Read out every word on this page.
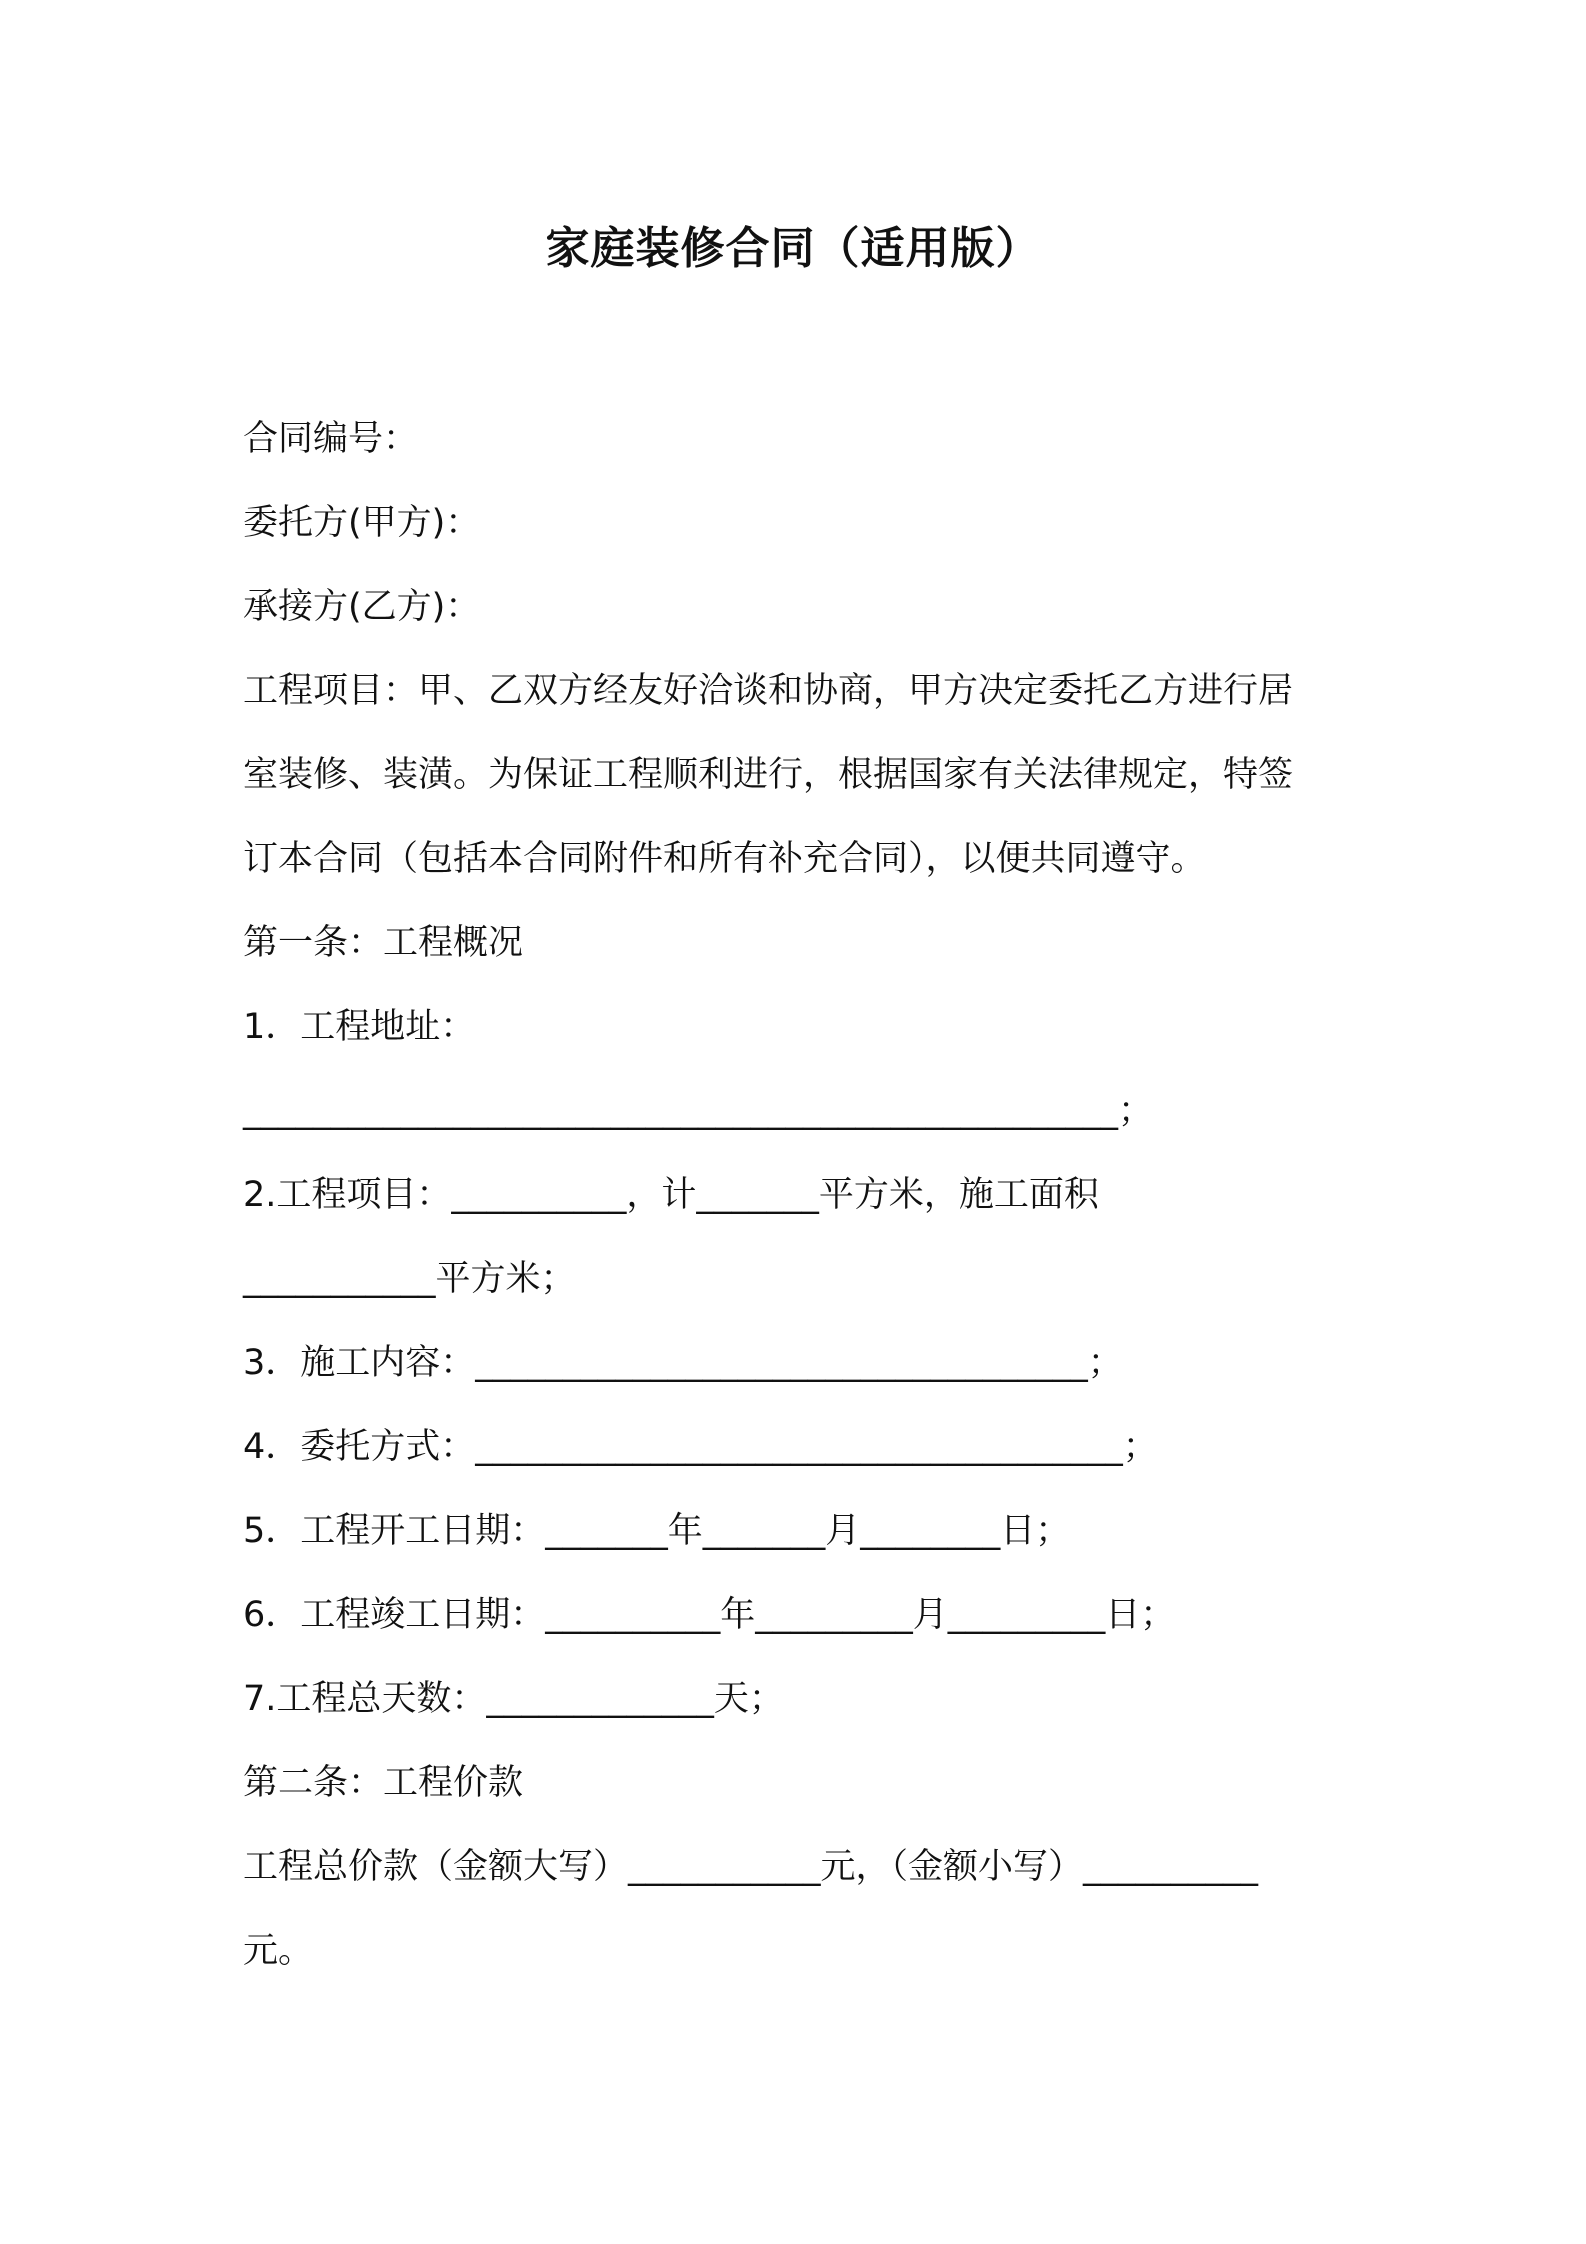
家庭装修合同（适用版）
合同编号：
委托方(甲方)：
承接方(乙方)：
工程项目：甲、乙双方经友好洽谈和协商，甲方决定委托乙方进行居
室装修、装潢。为保证工程顺利进行，根据国家有关法律规定，特签
订本合同（包括本合同附件和所有补充合同），以便共同遵守。
第一条：工程概况
1．工程地址：
__________________________________________________；
2.工程项目：__________，计_______平方米，施工面积
___________平方米；
3．施工内容：___________________________________；
4．委托方式：_____________________________________；
5．工程开工日期：_______年_______月________日；
6．工程竣工日期：__________年_________月_________日；
7.工程总天数：_____________天；
第二条：工程价款
工程总价款（金额大写）___________元，（金额小写）__________
元。
